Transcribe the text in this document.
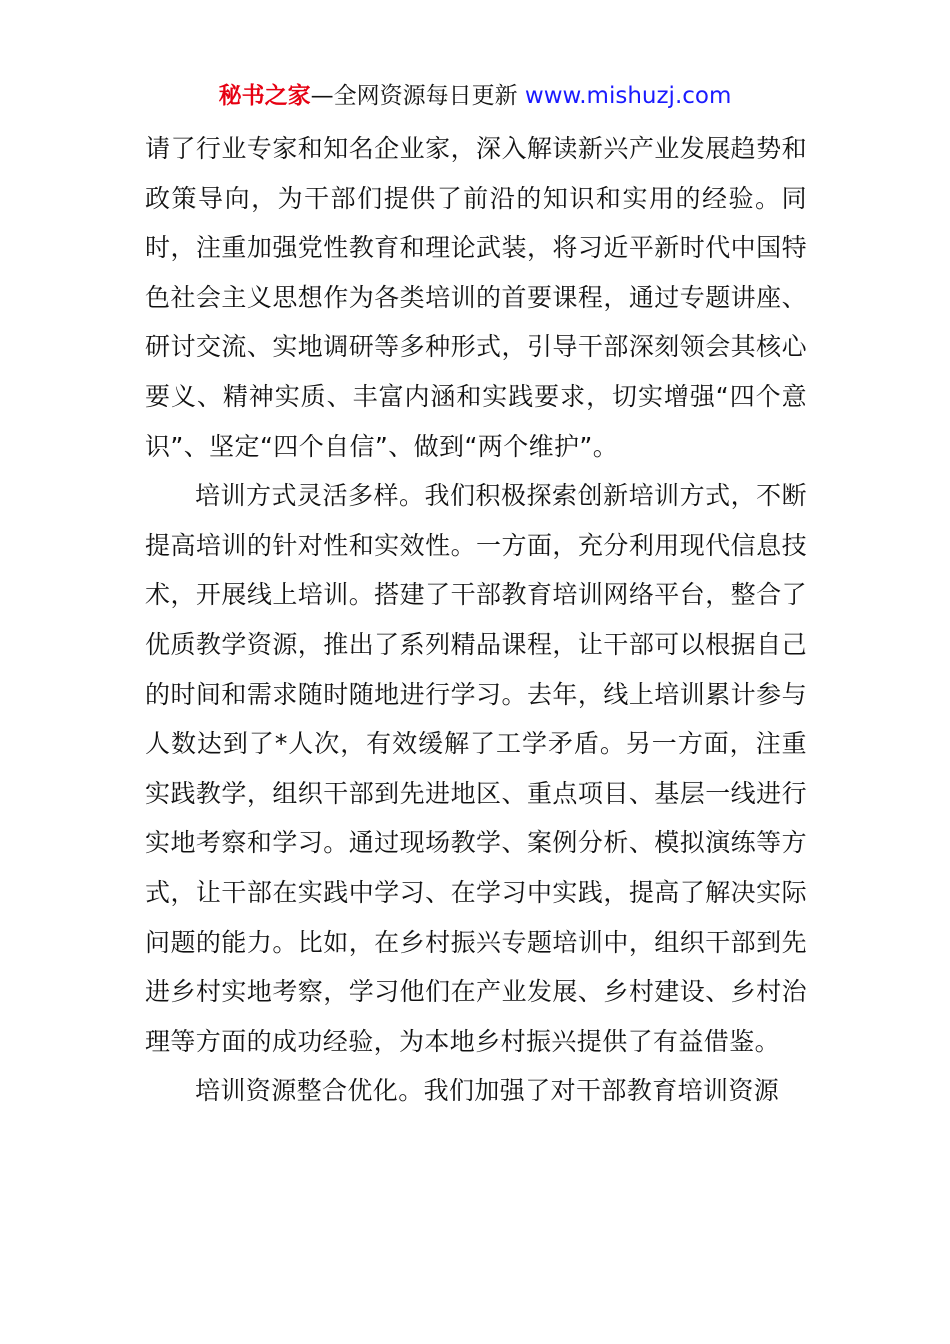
秘书之家—全网资源每日更新 www.mishuzj.com

请了行业专家和知名企业家，深入解读新兴产业发展趋势和政策导向，为干部们提供了前沿的知识和实用的经验。同时，注重加强党性教育和理论武装，将习近平新时代中国特色社会主义思想作为各类培训的首要课程，通过专题讲座、研讨交流、实地调研等多种形式，引导干部深刻领会其核心要义、精神实质、丰富内涵和实践要求，切实增强“四个意识”、坚定“四个自信”、做到“两个维护”。

培训方式灵活多样。我们积极探索创新培训方式，不断提高培训的针对性和实效性。一方面，充分利用现代信息技术，开展线上培训。搭建了干部教育培训网络平台，整合了优质教学资源，推出了系列精品课程，让干部可以根据自己的时间和需求随时随地进行学习。去年，线上培训累计参与人数达到了*人次，有效缓解了工学矛盾。另一方面，注重实践教学，组织干部到先进地区、重点项目、基层一线进行实地考察和学习。通过现场教学、案例分析、模拟演练等方式，让干部在实践中学习、在学习中实践，提高了解决实际问题的能力。比如，在乡村振兴专题培训中，组织干部到先进乡村实地考察，学习他们在产业发展、乡村建设、乡村治理等方面的成功经验，为本地乡村振兴提供了有益借鉴。

培训资源整合优化。我们加强了对干部教育培训资源
